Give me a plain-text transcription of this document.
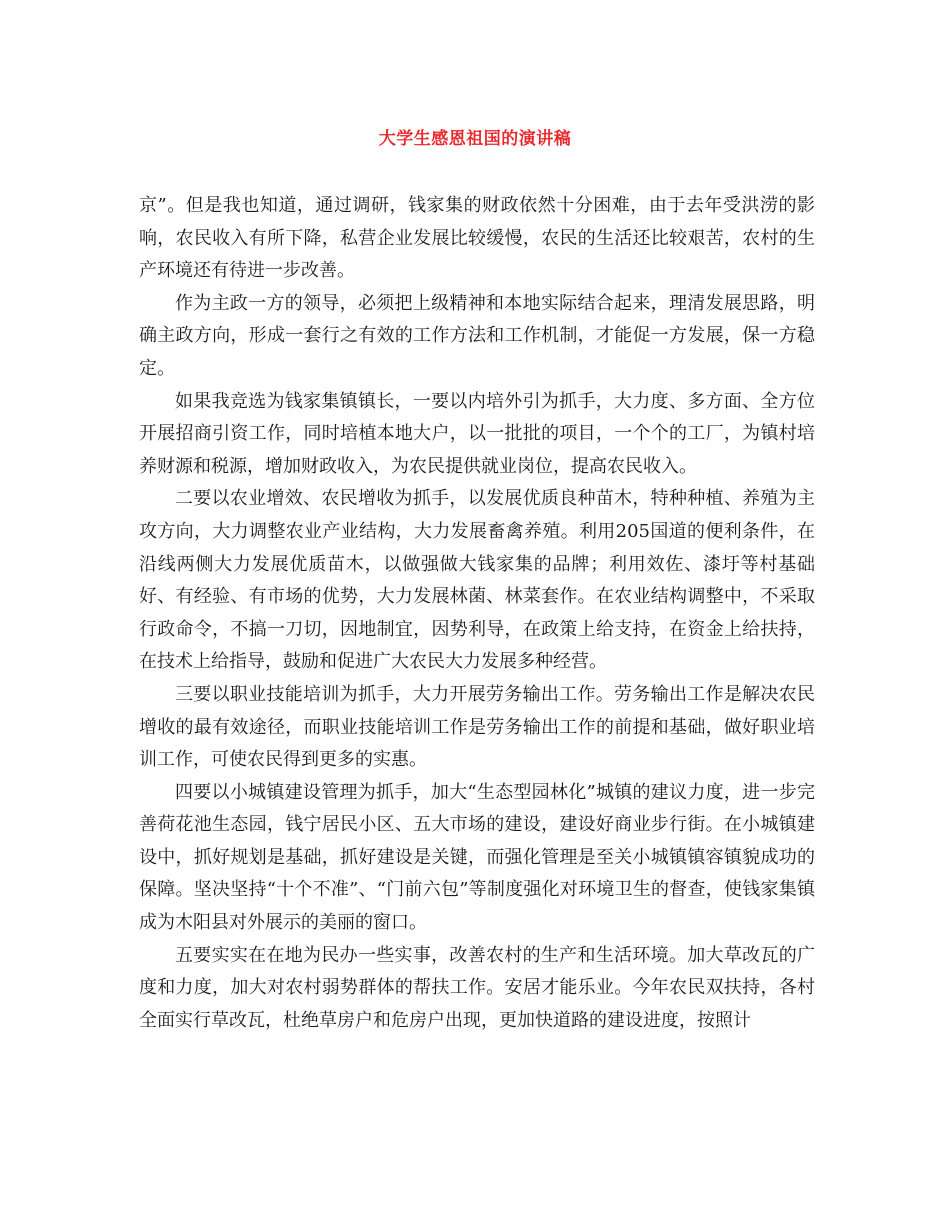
大学生感恩祖国的演讲稿

京”。但是我也知道，通过调研，钱家集的财政依然十分困难，由于去年受洪涝的影响，农民收入有所下降，私营企业发展比较缓慢，农民的生活还比较艰苦，农村的生产环境还有待进一步改善。

作为主政一方的领导，必须把上级精神和本地实际结合起来，理清发展思路，明确主政方向，形成一套行之有效的工作方法和工作机制，才能促一方发展，保一方稳定。

如果我竞选为钱家集镇镇长，一要以内培外引为抓手，大力度、多方面、全方位开展招商引资工作，同时培植本地大户，以一批批的项目，一个个的工厂，为镇村培养财源和税源，增加财政收入，为农民提供就业岗位，提高农民收入。

二要以农业增效、农民增收为抓手，以发展优质良种苗木，特种种植、养殖为主攻方向，大力调整农业产业结构，大力发展畜禽养殖。利用205国道的便利条件，在沿线两侧大力发展优质苗木，以做强做大钱家集的品牌；利用效佐、漆圩等村基础好、有经验、有市场的优势，大力发展林菌、林菜套作。在农业结构调整中，不采取行政命令，不搞一刀切，因地制宜，因势利导，在政策上给支持，在资金上给扶持，在技术上给指导，鼓励和促进广大农民大力发展多种经营。

三要以职业技能培训为抓手，大力开展劳务输出工作。劳务输出工作是解决农民增收的最有效途径，而职业技能培训工作是劳务输出工作的前提和基础，做好职业培训工作，可使农民得到更多的实惠。

四要以小城镇建设管理为抓手，加大“生态型园林化”城镇的建议力度，进一步完善荷花池生态园，钱宁居民小区、五大市场的建设，建设好商业步行街。在小城镇建设中，抓好规划是基础，抓好建设是关键，而强化管理是至关小城镇镇容镇貌成功的保障。坚决坚持“十个不准”、“门前六包”等制度强化对环境卫生的督查，使钱家集镇成为木阳县对外展示的美丽的窗口。

五要实实在在地为民办一些实事，改善农村的生产和生活环境。加大草改瓦的广度和力度，加大对农村弱势群体的帮扶工作。安居才能乐业。今年农民双扶持，各村全面实行草改瓦，杜绝草房户和危房户出现，更加快道路的建设进度，按照计
